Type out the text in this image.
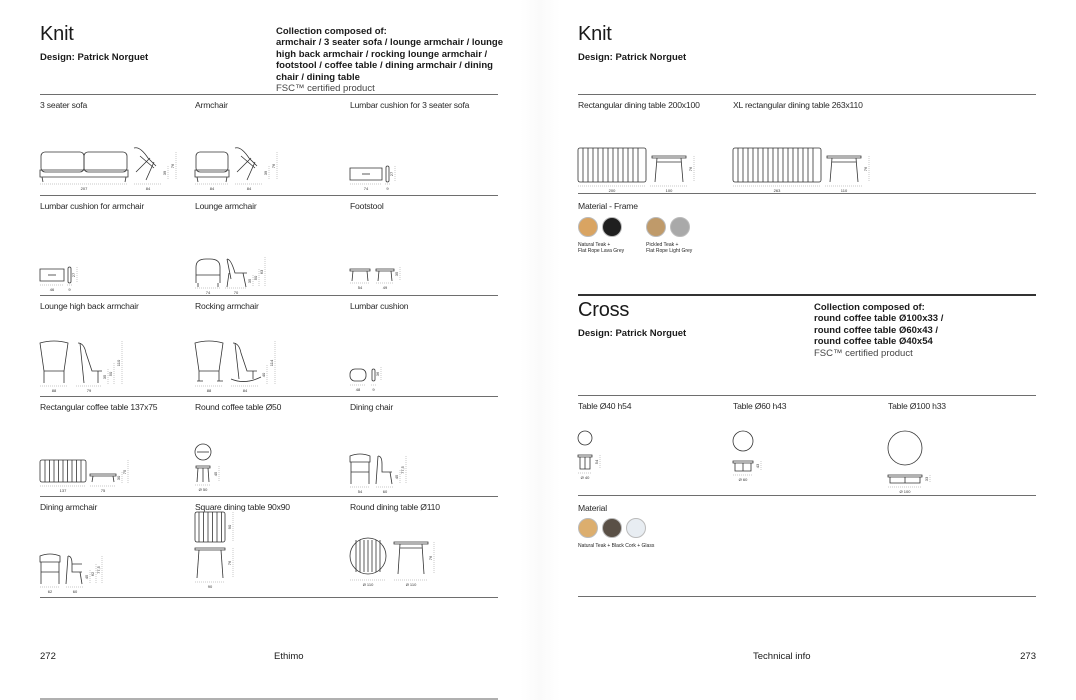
Knit
Design: Patrick Norguet
Collection composed of:
armchair / 3 seater sofa / lounge armchair / lounge high back armchair / rocking lounge armchair / footstool / coffee table / dining armchair / dining chair / dining table
FSC™ certified product
3 seater sofa
207	84
39
76
Armchair
84	84
39
76
Lumbar cushion for 3 seater sofa
74	9
27
Lumbar cushion for armchair
46	9
27
Lounge armchair
74	70
35
50
63
Footstool
54	49
35
Lounge high back armchair
88	79
35
50
110
Rocking armchair
88	84
40
114
Lumbar cushion
48	9
36
Rectangular coffee table 137x75
137	75
30
75
Round coffee table Ø50
Ø 50
45
Dining chair
54	60
45
77,5
Dining armchair
62	60
45
62
77,5
Square dining table 90x90
90
90
76
Round dining table Ø110
Ø 110	Ø 110
76
272	Ethimo
Knit
Design: Patrick Norguet
Rectangular dining table 200x100
200	100
76
XL rectangular dining table 263x110
263	110
76
Material - Frame
Natural Teak +
Flat Rope Lava Grey
Pickled Teak +
Flat Rope Light Grey
Cross
Design: Patrick Norguet
Collection composed of:
round coffee table Ø100x33 / round coffee table Ø60x43 / round coffee table Ø40x54
FSC™ certified product
Table Ø40 h54
Ø 40
54
Table Ø60 h43
Ø 60
43
Table Ø100 h33
Ø 100
33
Material
Natural Teak + Black Cork + Glass
Technical info	273
